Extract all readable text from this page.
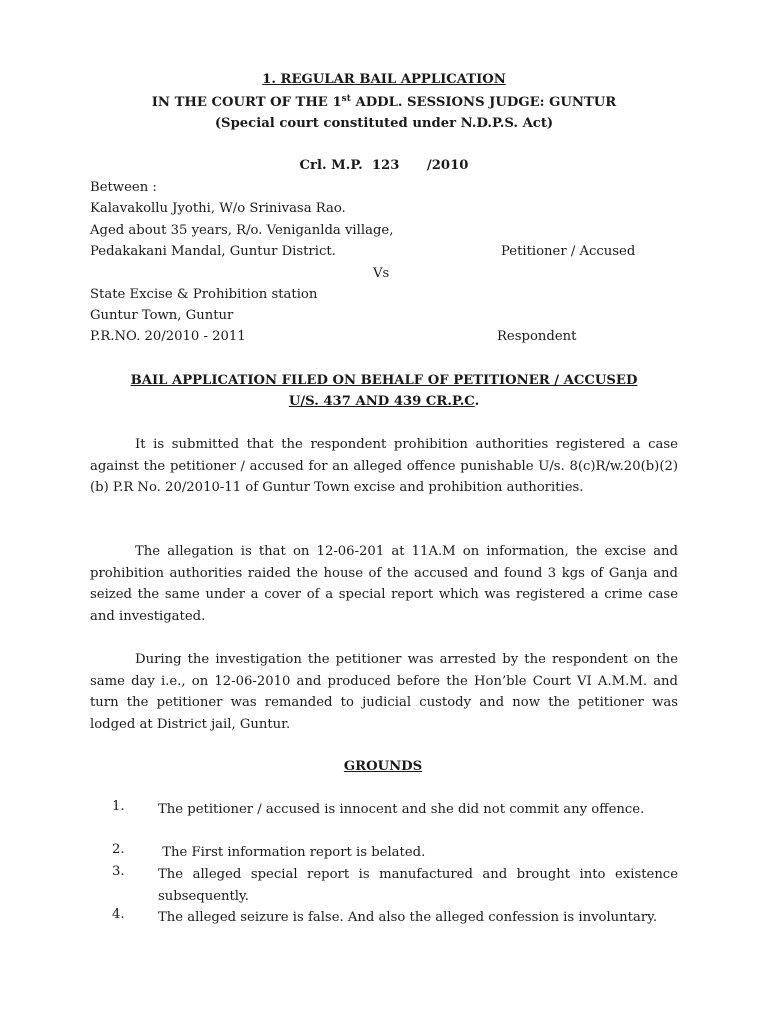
1. REGULAR BAIL APPLICATION
IN THE COURT OF THE 1st ADDL. SESSIONS JUDGE: GUNTUR
(Special court constituted under N.D.P.S. Act)
Crl. M.P.  123      /2010
Between :
Kalavakollu Jyothi, W/o Srinivasa Rao.
Aged about 35 years, R/o. Veniganlda village,
Pedakakani Mandal, Guntur District.	Petitioner / Accused
Vs
State Excise & Prohibition station
Guntur Town, Guntur
P.R.NO. 20/2010 - 2011	Respondent
BAIL APPLICATION FILED ON BEHALF OF PETITIONER / ACCUSED
U/S. 437 AND 439 CR.P.C.
It is submitted that the respondent prohibition authorities registered a case against the petitioner / accused for an alleged offence punishable U/s. 8(c)R/w.20(b)(2)(b) P.R No. 20/2010-11 of Guntur Town excise and prohibition authorities.
The allegation is that on 12-06-201 at 11A.M on information, the excise and prohibition authorities raided the house of the accused and found 3 kgs of Ganja and seized the same under a cover of a special report which was registered a crime case and investigated.
During the investigation the petitioner was arrested by the respondent on the same day i.e., on 12-06-2010 and produced before the Hon’ble Court VI A.M.M. and turn the petitioner was remanded to judicial custody and now the petitioner was lodged at District jail, Guntur.
GROUNDS
1.	The petitioner / accused is innocent and she did not commit any offence.
2.	The First information report is belated.
3.	The alleged special report is manufactured and brought into existence subsequently.
4.	The alleged seizure is false. And also the alleged confession is involuntary.
